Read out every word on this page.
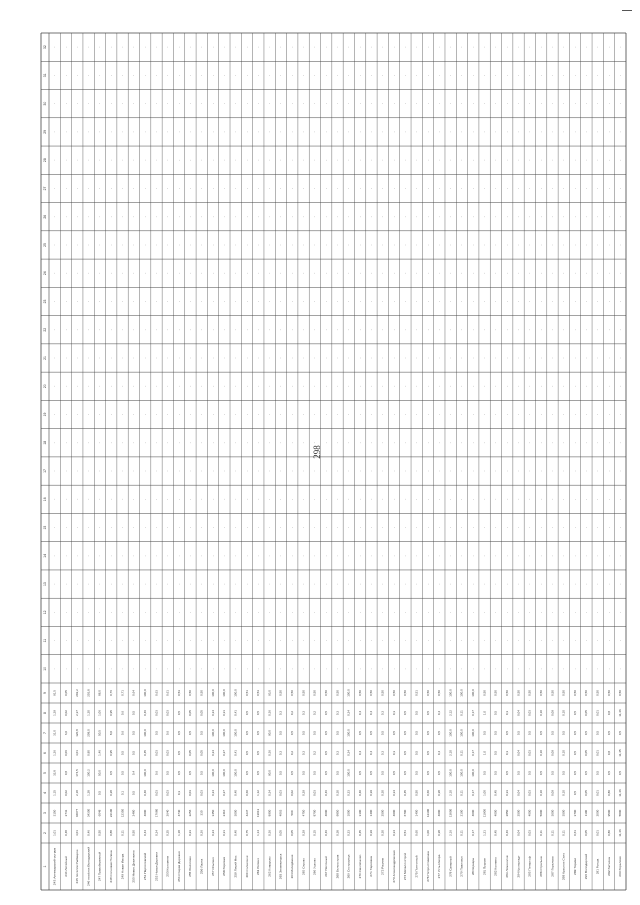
1
2
3
4
5
6
7
8
9
10
11
12
13
14
15
16
17
18
19
20
21
22
23
24
25
26
27
28
29
30
31
32
243 Аптекарский остров
1,01
3150
1,15
32,8
1,26
31,0
1,29
91,5
-
-
-
-
-
-
-
-
-
-
-
-
-
-
-
-
-
-
-
-
-
-
-
244 Литейный
0,48
2741
0,02
0,8
0,06
6,0
0,02
0,05
-
-
-
-
-
-
-
-
-
-
-
-
-
-
-
-
-
-
-
-
-
-
-
245 посёлок Рыбацкое
3,01
46077
2,18
174,5
3,01
120,8
2,37
202,2
-
-
-
-
-
-
-
-
-
-
-
-
-
-
-
-
-
-
-
-
-
-
-
246 посёлок Володарский
0,46
34300
1,28
100,2
0,80
208,0
1,20
203,8
-
-
-
-
-
-
-
-
-
-
-
-
-
-
-
-
-
-
-
-
-
-
-
247 Правобережный
0,50
6048
0,5
50,0
1,46
50,5
1,06
88,0
-
-
-
-
-
-
-
-
-
-
-
-
-
-
-
-
-
-
-
-
-
-
-
248 Сосновая Поляна
0,88
22100
0,28
0,5
0,95
8,0
0,95
0,76
-
-
-
-
-
-
-
-
-
-
-
-
-
-
-
-
-
-
-
-
-
-
-
249 Новая Ижора
0,11
12350
0,1
0,5
0,5
0,6
0,6
0,71
-
-
-
-
-
-
-
-
-
-
-
-
-
-
-
-
-
-
-
-
-
-
-
250 Новое Девяткино
0,50
2480
0,5
0,4
0,5
0,5
0,5
0,64
-
-
-
-
-
-
-
-
-
-
-
-
-
-
-
-
-
-
-
-
-
-
-
251 Парголовский
0,44
4000
0,40
100,0
0,45
100,0
0,46
100,0
-
-
-
-
-
-
-
-
-
-
-
-
-
-
-
-
-
-
-
-
-
-
-
252 Новая Деревня
0,24
17680
0,03
0,6
0,03
0,5
0,03
0,63
-
-
-
-
-
-
-
-
-
-
-
-
-
-
-
-
-
-
-
-
-
-
-
253 Коломяги
0,25
2640
0,03
0,5
0,03
0,6
0,03
0,61
-
-
-
-
-
-
-
-
-
-
-
-
-
-
-
-
-
-
-
-
-
-
-
254 Старая Деревня
1,18
4740
0,3
0,5
0,5
0,5
0,5
0,53
-
-
-
-
-
-
-
-
-
-
-
-
-
-
-
-
-
-
-
-
-
-
-
255 Юнтолово
0,23
2256
0,03
0,5
0,05
0,5
0,05
0,50
-
-
-
-
-
-
-
-
-
-
-
-
-
-
-
-
-
-
-
-
-
-
-
256 Лахта
0,26
330
0,03
0,5
0,05
0,5
0,05
0,50
-
-
-
-
-
-
-
-
-
-
-
-
-
-
-
-
-
-
-
-
-
-
-
257 Ольгино
0,24
3450
0,24
100,0
0,24
100,0
0,24
100,0
-
-
-
-
-
-
-
-
-
-
-
-
-
-
-
-
-
-
-
-
-
-
-
258 Горская
0,31
2410
0,27
100,0
0,27
100,0
0,31
100,0
-
-
-
-
-
-
-
-
-
-
-
-
-
-
-
-
-
-
-
-
-
-
-
259 Лисий Нос
0,40
3000
0,40
100,0
0,41
100,0
0,41
100,0
-
-
-
-
-
-
-
-
-
-
-
-
-
-
-
-
-
-
-
-
-
-
-
260 Солнечное
0,75
4237
0,60
0,5
0,5
0,5
0,5
0,51
-
-
-
-
-
-
-
-
-
-
-
-
-
-
-
-
-
-
-
-
-
-
-
261 Репино
1,14
13013
1,12
0,5
0,5
0,5
0,5
0,53
-
-
-
-
-
-
-
-
-
-
-
-
-
-
-
-
-
-
-
-
-
-
-
262 Комарово
0,36
8900
0,34
90,0
0,36
90,0
0,36
93,0
-
-
-
-
-
-
-
-
-
-
-
-
-
-
-
-
-
-
-
-
-
-
-
263 Зеленогорск
0,05
4063
0,03
0,5
0,3
0,5
0,3
0,50
-
-
-
-
-
-
-
-
-
-
-
-
-
-
-
-
-
-
-
-
-
-
-
264 Молодёжное
0,05
500
0,02
0,5
0,2
0,5
0,2
0,50
-
-
-
-
-
-
-
-
-
-
-
-
-
-
-
-
-
-
-
-
-
-
-
265 Серово
0,29
4750
0,29
0,5
0,3
0,5
0,3
0,50
-
-
-
-
-
-
-
-
-
-
-
-
-
-
-
-
-
-
-
-
-
-
-
266 Ушково
0,15
8700
0,03
0,5
0,2
0,5
0,2
0,50
-
-
-
-
-
-
-
-
-
-
-
-
-
-
-
-
-
-
-
-
-
-
-
267 Песочный
0,46
4000
0,46
0,5
0,5
0,5
0,5
0,50
-
-
-
-
-
-
-
-
-
-
-
-
-
-
-
-
-
-
-
-
-
-
-
268 Белоостров
0,38
9850
0,30
0,5
0,3
0,5
0,3
0,50
-
-
-
-
-
-
-
-
-
-
-
-
-
-
-
-
-
-
-
-
-
-
-
269 Сестрорецк
0,23
1000
0,23
100,0
0,24
100,0
0,24
100,0
-
-
-
-
-
-
-
-
-
-
-
-
-
-
-
-
-
-
-
-
-
-
-
270 Смолячково
0,45
3100
0,40
0,5
0,4
0,5
0,4
0,50
-
-
-
-
-
-
-
-
-
-
-
-
-
-
-
-
-
-
-
-
-
-
-
271 Тарховка
0,39
1400
0,39
0,5
0,4
0,5
0,4
0,50
-
-
-
-
-
-
-
-
-
-
-
-
-
-
-
-
-
-
-
-
-
-
-
272 Разлив
0,30
2500
0,30
0,5
0,3
0,5
0,3
0,50
-
-
-
-
-
-
-
-
-
-
-
-
-
-
-
-
-
-
-
-
-
-
-
273 Александровская
0,34
4000
0,34
0,5
0,3
0,5
0,3
0,50
-
-
-
-
-
-
-
-
-
-
-
-
-
-
-
-
-
-
-
-
-
-
-
274 Металлострой
0,51
6700
0,45
0,5
0,5
0,5
0,5
0,50
-
-
-
-
-
-
-
-
-
-
-
-
-
-
-
-
-
-
-
-
-
-
-
275 Понтонный
0,60
1400
0,50
0,5
0,5
0,5
0,5
0,51
-
-
-
-
-
-
-
-
-
-
-
-
-
-
-
-
-
-
-
-
-
-
-
276 Петро-Славянка
1,00
12300
0,60
0,5
0,5
0,5
0,5
0,50
-
-
-
-
-
-
-
-
-
-
-
-
-
-
-
-
-
-
-
-
-
-
-
277 Усть-Ижора
0,38
4000
0,38
0,5
0,4
0,5
0,4
0,50
-
-
-
-
-
-
-
-
-
-
-
-
-
-
-
-
-
-
-
-
-
-
-
278 Саперный
2,16
13800
2,10
100,0
2,10
100,0
2,12
100,0
-
-
-
-
-
-
-
-
-
-
-
-
-
-
-
-
-
-
-
-
-
-
-
279 Павловск
0,11
2100
0,11
100,0
0,11
100,0
0,11
100,0
-
-
-
-
-
-
-
-
-
-
-
-
-
-
-
-
-
-
-
-
-
-
-
280 Шушары
0,17
4000
0,17
100,0
0,17
100,0
0,17
100,0
-
-
-
-
-
-
-
-
-
-
-
-
-
-
-
-
-
-
-
-
-
-
-
281 Пушкин
1,21
11900
1,00
0,5
1,0
0,5
1,0
0,50
-
-
-
-
-
-
-
-
-
-
-
-
-
-
-
-
-
-
-
-
-
-
-
282 Колпино
0,45
4000
0,45
0,5
0,5
0,5
0,5
0,50
-
-
-
-
-
-
-
-
-
-
-
-
-
-
-
-
-
-
-
-
-
-
-
283 Ломоносов
0,46
2850
0,33
0,5
0,3
0,5
0,3
0,50
-
-
-
-
-
-
-
-
-
-
-
-
-
-
-
-
-
-
-
-
-
-
-
284 Кронштадт
0,04
2500
0,04
0,5
0,04
0,5
0,04
0,50
-
-
-
-
-
-
-
-
-
-
-
-
-
-
-
-
-
-
-
-
-
-
-
285 Петергоф
0,03
4000
0,03
0,5
0,03
0,5
0,03
0,50
-
-
-
-
-
-
-
-
-
-
-
-
-
-
-
-
-
-
-
-
-
-
-
286 Стрельна
0,11
5000
0,10
0,5
0,10
0,5
0,10
0,50
-
-
-
-
-
-
-
-
-
-
-
-
-
-
-
-
-
-
-
-
-
-
-
287 Горелово
0,11
3000
0,09
0,5
0,09
0,5
0,09
0,50
-
-
-
-
-
-
-
-
-
-
-
-
-
-
-
-
-
-
-
-
-
-
-
288 Красное Село
0,11
3500
0,10
0,5
0,10
0,5
0,10
0,50
-
-
-
-
-
-
-
-
-
-
-
-
-
-
-
-
-
-
-
-
-
-
-
289 Торики
0,61
3700
0,5
0,5
0,5
0,5
0,5
0,50
-
-
-
-
-
-
-
-
-
-
-
-
-
-
-
-
-
-
-
-
-
-
-
290 Володарский
0,05
1100
0,05
0,5
0,05
0,5
0,05
0,50
-
-
-
-
-
-
-
-
-
-
-
-
-
-
-
-
-
-
-
-
-
-
-
291 Ропша
0,01
2000
0,01
0,5
0,01
0,5
0,01
0,50
-
-
-
-
-
-
-
-
-
-
-
-
-
-
-
-
-
-
-
-
-
-
-
292 Гатчина
0,80
9500
0,80
0,5
0,8
0,5
0,8
0,50
-
-
-
-
-
-
-
-
-
-
-
-
-
-
-
-
-
-
-
-
-
-
-
293 Горелово
11,46
5800
11,46
0,5
11,45
0,5
11,46
0,50
-
-
-
-
-
-
-
-
-
-
-
-
-
-
-
-
-
-
-
-
-
-
-
298
